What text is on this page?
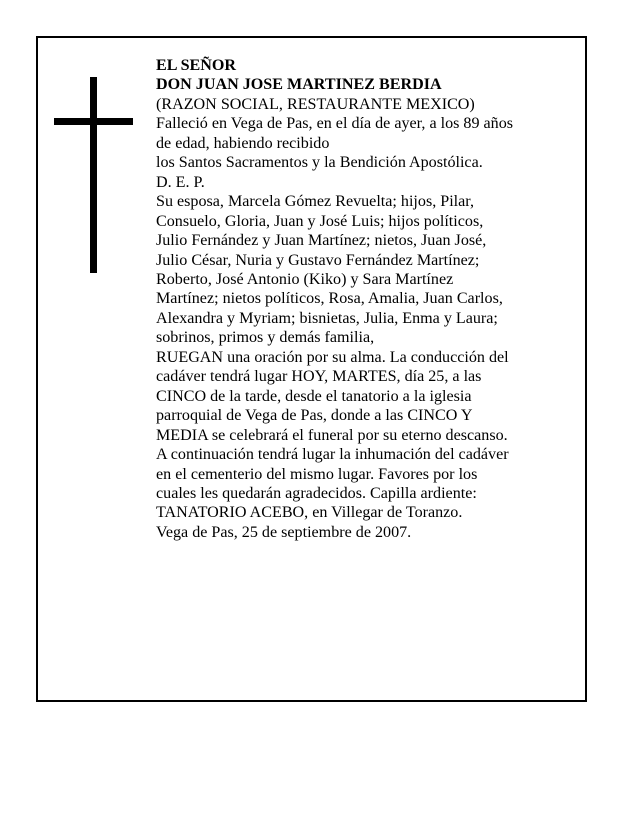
EL SEÑOR
DON JUAN JOSE MARTINEZ BERDIA
(RAZON SOCIAL, RESTAURANTE MEXICO)
Falleció en Vega de Pas, en el día de ayer, a los 89 años
de edad, habiendo recibido
los Santos Sacramentos y la Bendición Apostólica.
D. E. P.
Su esposa, Marcela Gómez Revuelta; hijos, Pilar,
Consuelo, Gloria, Juan y José Luis; hijos políticos,
Julio Fernández y Juan Martínez; nietos, Juan José,
Julio César, Nuria y Gustavo Fernández Martínez;
Roberto, José Antonio (Kiko) y Sara Martínez
Martínez; nietos políticos, Rosa, Amalia, Juan Carlos,
Alexandra y Myriam; bisnietas, Julia, Enma y Laura;
sobrinos, primos y demás familia,
RUEGAN una oración por su alma. La conducción del
cadáver tendrá lugar HOY, MARTES, día 25, a las
CINCO de la tarde, desde el tanatorio a la iglesia
parroquial de Vega de Pas, donde a las CINCO Y
MEDIA se celebrará el funeral por su eterno descanso.
A continuación tendrá lugar la inhumación del cadáver
en el cementerio del mismo lugar. Favores por los
cuales les quedarán agradecidos. Capilla ardiente:
TANATORIO ACEBO, en Villegar de Toranzo.
Vega de Pas, 25 de septiembre de 2007.
